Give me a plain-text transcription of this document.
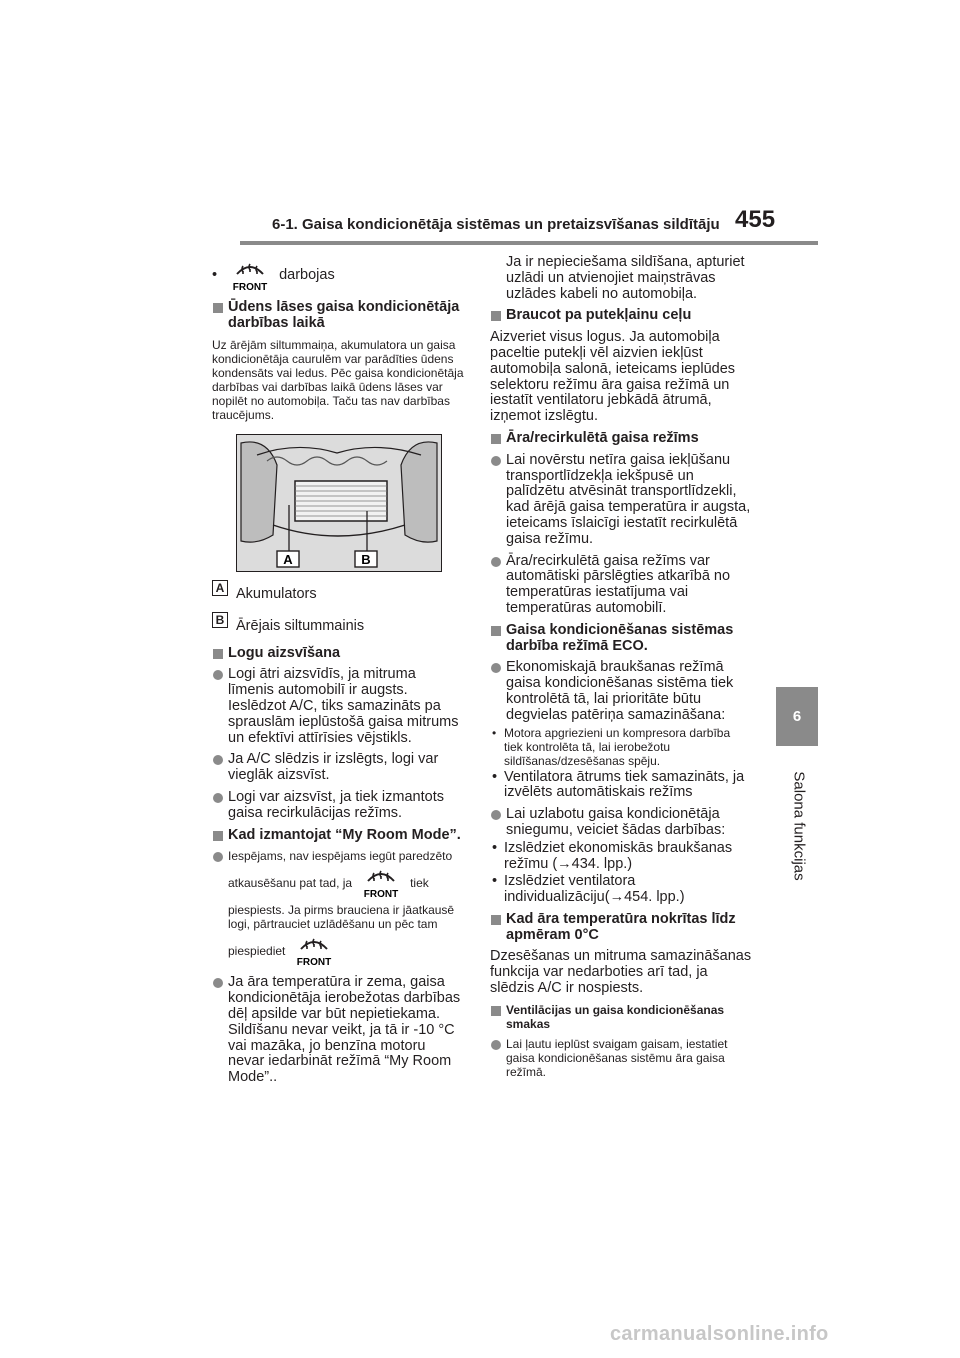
6-1. Gaisa kondicionētāja sistēmas un pretaizsvīšanas sildītāju 455
6
Salona funkcijas
•
FRONT
darbojas
Ūdens lāses gaisa kondicionētāja darbības laikā
Uz ārējām siltummaiņa, akumulatora un gaisa kondicionētāja caurulēm var parādīties ūdens kondensāts vai ledus. Pēc gaisa kondicionētāja darbības vai darbības laikā ūdens lāses var nopilēt no automobiļa. Taču tas nav darbības traucējums.
A	B
A Akumulators
B Ārējais siltummainis
Logu aizsvīšana
Logi ātri aizsvīdīs, ja mitruma līmenis automobilī ir augsts. Ieslēdzot A/C, tiks samazināts pa sprauslām ieplūstošā gaisa mitrums un efektīvi attīrīsies vējstikls.
Ja A/C slēdzis ir izslēgts, logi var vieglāk aizsvīst.
Logi var aizsvīst, ja tiek izmantots gaisa recirkulācijas režīms.
Kad izmantojat “My Room Mode”.
Iespējams, nav iespējams iegūt paredzēto
atkausēšanu pat tad, ja
FRONT
tiek
piespiests. Ja pirms brauciena ir jāatkausē logi, pārtrauciet uzlādēšanu un pēc tam
piespiediet
FRONT
Ja āra temperatūra ir zema, gaisa kondicionētāja ierobežotas darbības dēļ apsilde var būt nepietiekama. Sildīšanu nevar veikt, ja tā ir -10 °C vai mazāka, jo benzīna motoru nevar iedarbināt režīmā “My Room Mode”..
Ja ir nepieciešama sildīšana, apturiet uzlādi un atvienojiet maiņstrāvas uzlādes kabeli no automobiļa.
Braucot pa putekļainu ceļu
Aizveriet visus logus. Ja automobiļa paceltie putekļi vēl aizvien iekļūst automobiļa salonā, ieteicams ieplūdes selektoru režīmu āra gaisa režīmā un iestatīt ventilatoru jebkādā ātrumā, izņemot izslēgtu.
Āra/recirkulētā gaisa režīms
Lai novērstu netīra gaisa iekļūšanu transportlīdzekļa iekšpusē un palīdzētu atvēsināt transportlīdzekli, kad ārējā gaisa temperatūra ir augsta, ieteicams īslaicīgi iestatīt recirkulētā gaisa režīmu.
Āra/recirkulētā gaisa režīms var automātiski pārslēgties atkarībā no temperatūras iestatījuma vai temperatūras automobilī.
Gaisa kondicionēšanas sistēmas darbība režīmā ECO.
Ekonomiskajā braukšanas režīmā gaisa kondicionēšanas sistēma tiek kontrolētā tā, lai prioritāte būtu degvielas patēriņa samazināšana:
• Motora apgriezieni un kompresora darbība tiek kontrolēta tā, lai ierobežotu sildīšanas/dzesēšanas spēju.
• Ventilatora ātrums tiek samazināts, ja izvēlēts automātiskais režīms
Lai uzlabotu gaisa kondicionētāja sniegumu, veiciet šādas darbības:
• Izslēdziet ekonomiskās braukšanas režīmu (→434. lpp.)
• Izslēdziet ventilatora individualizāciju(→454. lpp.)
Kad āra temperatūra nokrītas līdz apmēram 0°C
Dzesēšanas un mitruma samazināšanas funkcija var nedarboties arī tad, ja slēdzis A/C ir nospiests.
Ventilācijas un gaisa kondicionēšanas smakas
Lai ļautu ieplūst svaigam gaisam, iestatiet gaisa kondicionēšanas sistēmu āra gaisa režīmā.
carmanualsonline.info
